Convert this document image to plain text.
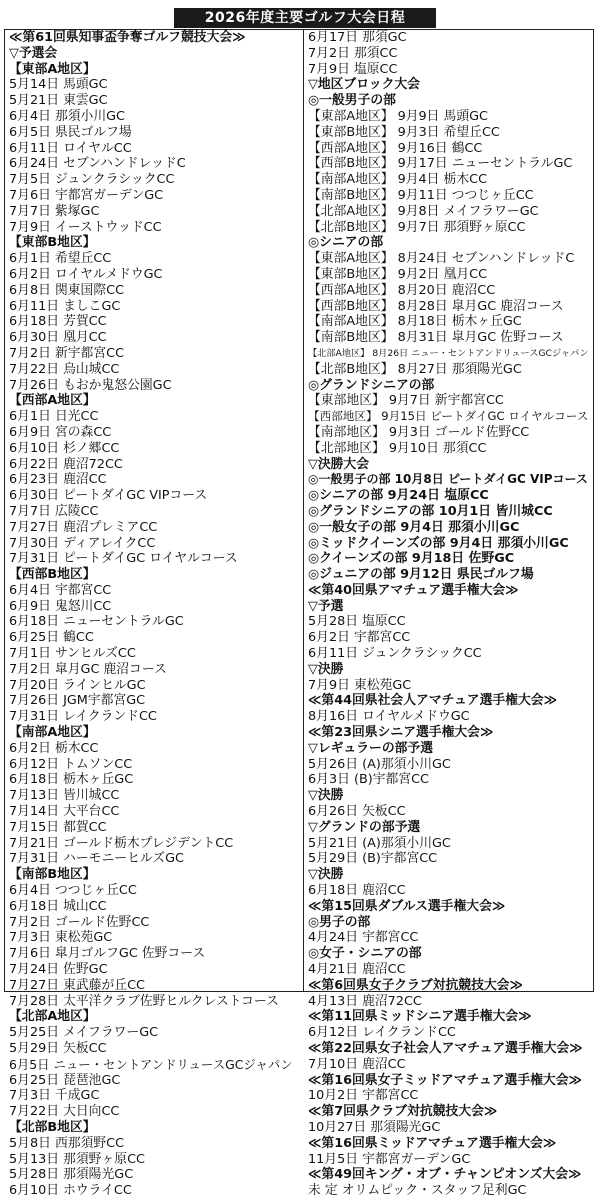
2026年度主要ゴルフ大会日程
≪第61回県知事盃争奪ゴルフ競技大会≫
▽予選会
【東部A地区】
5月14日 馬頭GC
5月21日 東雲GC
6月4日 那須小川GC
6月5日 県民ゴルフ場
6月11日 ロイヤルCC
6月24日 セブンハンドレッドC
7月5日 ジュンクラシックCC
7月6日 宇都宮ガーデンGC
7月7日 紫塚GC
7月9日 イーストウッドCC
【東部B地区】
6月1日 希望丘CC
6月2日 ロイヤルメドウGC
6月8日 関東国際CC
6月11日 ましこGC
6月18日 芳賀CC
6月30日 凰月CC
7月2日 新宇都宮CC
7月22日 烏山城CC
7月26日 もおか鬼怒公園GC
【西部A地区】
6月1日 日光CC
6月9日 宮の森CC
6月10日 杉ノ郷CC
6月22日 鹿沼72CC
6月23日 鹿沼CC
6月30日 ピートダイGC VIPコース
7月7日 広陵CC
7月27日 鹿沼プレミアCC
7月30日 ディアレイクCC
7月31日 ピートダイGC ロイヤルコース
【西部B地区】
6月4日 宇都宮CC
6月9日 鬼怒川CC
6月18日 ニューセントラルGC
6月25日 鶴CC
7月1日 サンヒルズCC
7月2日 皐月GC 鹿沼コース
7月20日 ラインヒルGC
7月26日 JGM宇都宮GC
7月31日 レイクランドCC
【南部A地区】
6月2日 栃木CC
6月12日 トムソンCC
6月18日 栃木ヶ丘GC
7月13日 皆川城CC
7月14日 大平台CC
7月15日 都賀CC
7月21日 ゴールド栃木プレジデントCC
7月31日 ハーモニーヒルズGC
【南部B地区】
6月4日 つつじヶ丘CC
6月18日 城山CC
7月2日 ゴールド佐野CC
7月3日 東松苑GC
7月6日 皐月ゴルフGC 佐野コース
7月24日 佐野GC
7月27日 東武藤が丘CC
7月28日 太平洋クラブ佐野ヒルクレストコース
【北部A地区】
5月25日 メイフラワーGC
5月29日 矢板CC
6月5日 ニュー・セントアンドリュースGCジャパン
6月25日 琵琶池GC
7月3日 千成GC
7月22日 大日向CC
【北部B地区】
5月8日 西那須野CC
5月13日 那須野ヶ原CC
5月28日 那須陽光GC
6月10日 ホウライCC
6月17日 那須GC
7月2日 那須CC
7月9日 塩原CC
▽地区ブロック大会
◎一般男子の部
【東部A地区】 9月9日 馬頭GC
【東部B地区】 9月3日 希望丘CC
【西部A地区】 9月16日 鶴CC
【西部B地区】 9月17日 ニューセントラルGC
【南部A地区】 9月4日 栃木CC
【南部B地区】 9月11日 つつじヶ丘CC
【北部A地区】 9月8日 メイフラワーGC
【北部B地区】 9月7日 那須野ヶ原CC
◎シニアの部
【東部A地区】 8月24日 セブンハンドレッドC
【東部B地区】 9月2日 凰月CC
【西部A地区】 8月20日 鹿沼CC
【西部B地区】 8月28日 皐月GC 鹿沼コース
【南部A地区】 8月18日 栃木ヶ丘GC
【南部B地区】 8月31日 皐月GC 佐野コース
【北部A地区】 8月26日 ニュー・セントアンドリュースGCジャパン
【北部B地区】 8月27日 那須陽光GC
◎グランドシニアの部
【東部地区】 9月7日 新宇都宮CC
【西部地区】 9月15日 ピートダイGC ロイヤルコース
【南部地区】 9月3日 ゴールド佐野CC
【北部地区】 9月10日 那須CC
▽決勝大会
◎一般男子の部 10月8日 ピートダイGC VIPコース
◎シニアの部 9月24日 塩原CC
◎グランドシニアの部 10月1日 皆川城CC
◎一般女子の部 9月4日 那須小川GC
◎ミッドクイーンズの部 9月4日 那須小川GC
◎クイーンズの部 9月18日 佐野GC
◎ジュニアの部 9月12日 県民ゴルフ場
≪第40回県アマチュア選手権大会≫
▽予選
5月28日 塩原CC
6月2日 宇都宮CC
6月11日 ジュンクラシックCC
▽決勝
7月9日 東松苑GC
≪第44回県社会人アマチュア選手権大会≫
8月16日 ロイヤルメドウGC
≪第23回県シニア選手権大会≫
▽レギュラーの部予選
5月26日 (A)那須小川GC
6月3日 (B)宇都宮CC
▽決勝
6月26日 矢板CC
▽グランドの部予選
5月21日 (A)那須小川GC
5月29日 (B)宇都宮CC
▽決勝
6月18日 鹿沼CC
≪第15回県ダブルス選手権大会≫
◎男子の部
4月24日 宇都宮CC
◎女子・シニアの部
4月21日 鹿沼CC
≪第6回県女子クラブ対抗競技大会≫
4月13日 鹿沼72CC
≪第11回県ミッドシニア選手権大会≫
6月12日 レイクランドCC
≪第22回県女子社会人アマチュア選手権大会≫
7月10日 鹿沼CC
≪第16回県女子ミッドアマチュア選手権大会≫
10月2日 宇都宮CC
≪第7回県クラブ対抗競技大会≫
10月27日 那須陽光GC
≪第16回県ミッドアマチュア選手権大会≫
11月5日 宇都宮ガーデンGC
≪第49回キング・オブ・チャンピオンズ大会≫
未 定 オリムピック・スタッフ足利GC
